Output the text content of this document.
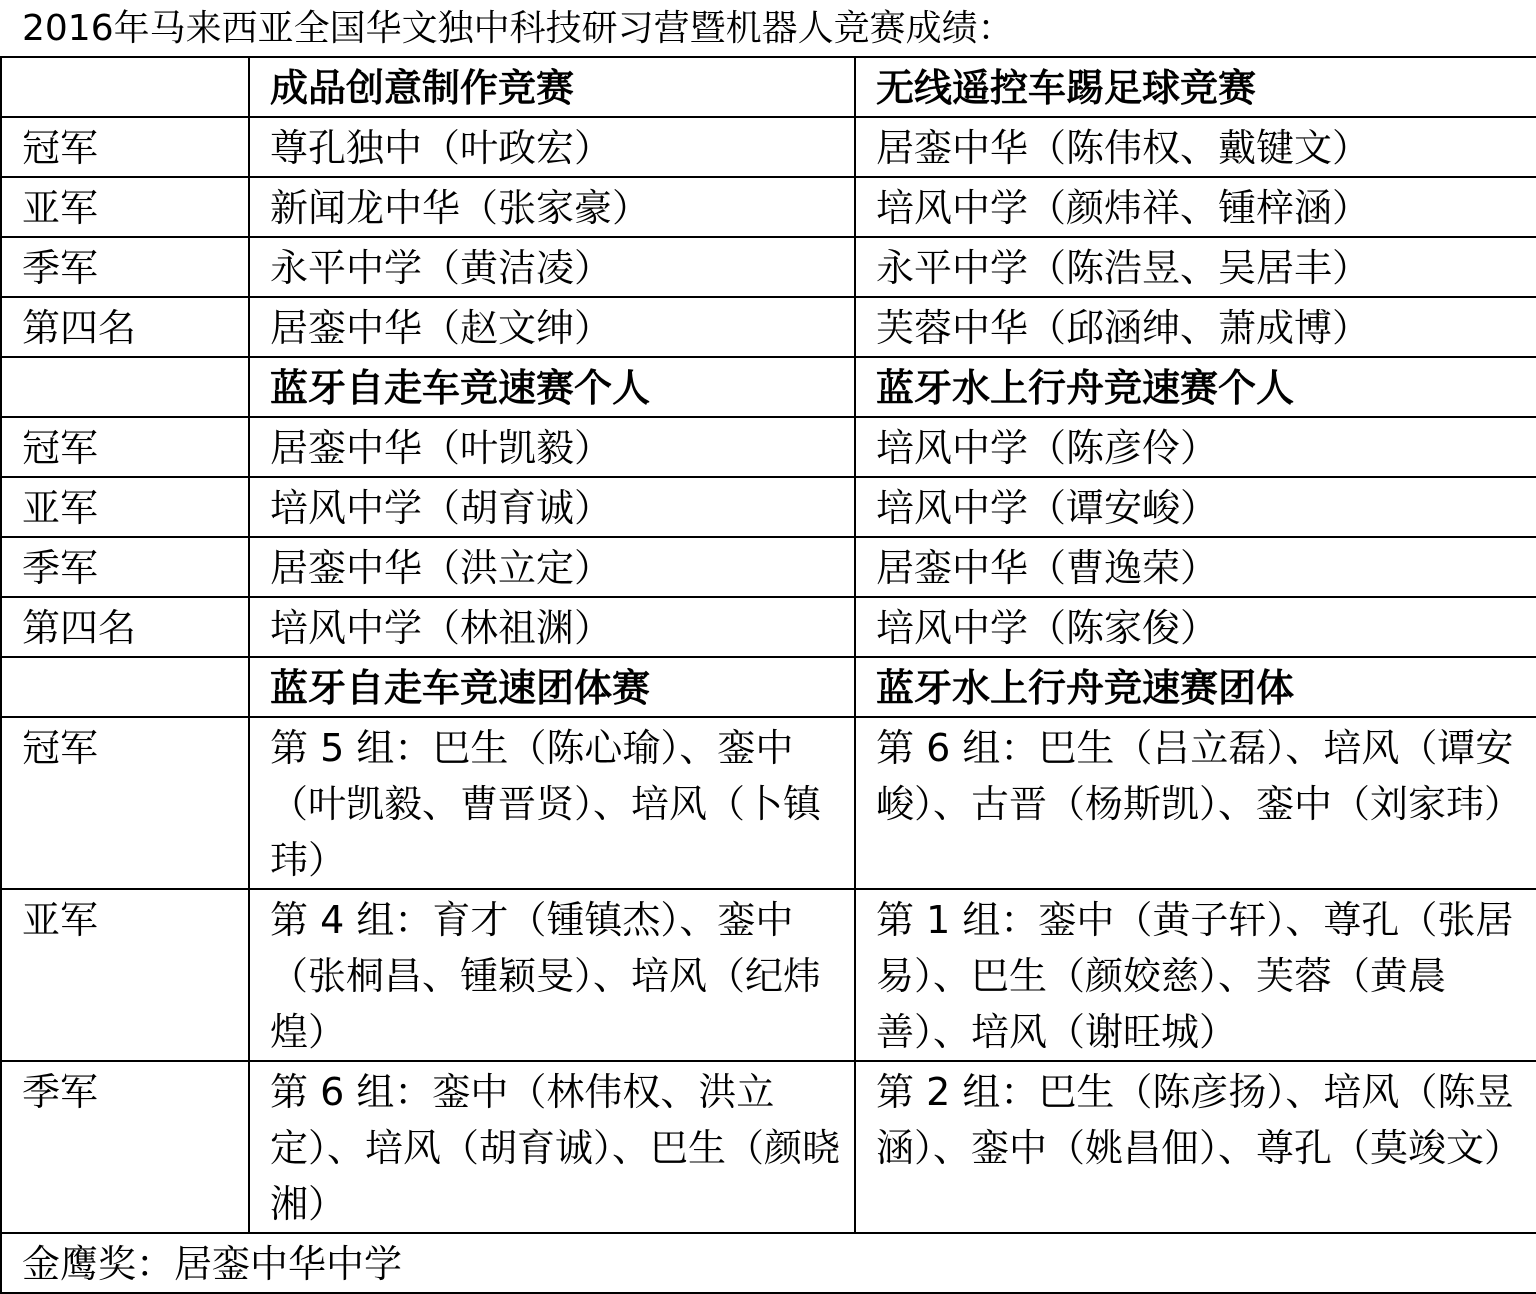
2016年马来西亚全国华文独中科技研习营暨机器人竞赛成绩：
	成品创意制作竞赛	无线遥控车踢足球竞赛
冠军	尊孔独中（叶政宏）	居銮中华（陈伟权、戴键文）
亚军	新闻龙中华（张家豪）	培风中学（颜炜祥、锺梓涵）
季军	永平中学（黄洁凌）	永平中学（陈浩昱、吴居丰）
第四名	居銮中华（赵文绅）	芙蓉中华（邱涵绅、萧成博）
	蓝牙自走车竞速赛个人	蓝牙水上行舟竞速赛个人
冠军	居銮中华（叶凯毅）	培风中学（陈彦伶）
亚军	培风中学（胡育诚）	培风中学（谭安峻）
季军	居銮中华（洪立定）	居銮中华（曹逸荣）
第四名	培风中学（林祖渊）	培风中学（陈家俊）
	蓝牙自走车竞速团体赛	蓝牙水上行舟竞速赛团体
冠军	第 5 组：巴生（陈心瑜）、銮中（叶凯毅、曹晋贤）、培风（卜镇玮）	第 6 组：巴生（吕立磊）、培风（谭安峻）、古晋（杨斯凯）、銮中（刘家玮）
亚军	第 4 组：育才（锺镇杰）、銮中（张桐昌、锺颖旻）、培风（纪炜煌）	第 1 组：銮中（黄子轩）、尊孔（张居易）、巴生（颜姣慈）、芙蓉（黄晨善）、培风（谢旺城）
季军	第 6 组：銮中（林伟权、洪立定）、培风（胡育诚）、巴生（颜晓湘）	第 2 组：巴生（陈彦扬）、培风（陈昱涵）、銮中（姚昌佃）、尊孔（莫竣文）
金鹰奖：居銮中华中学		
